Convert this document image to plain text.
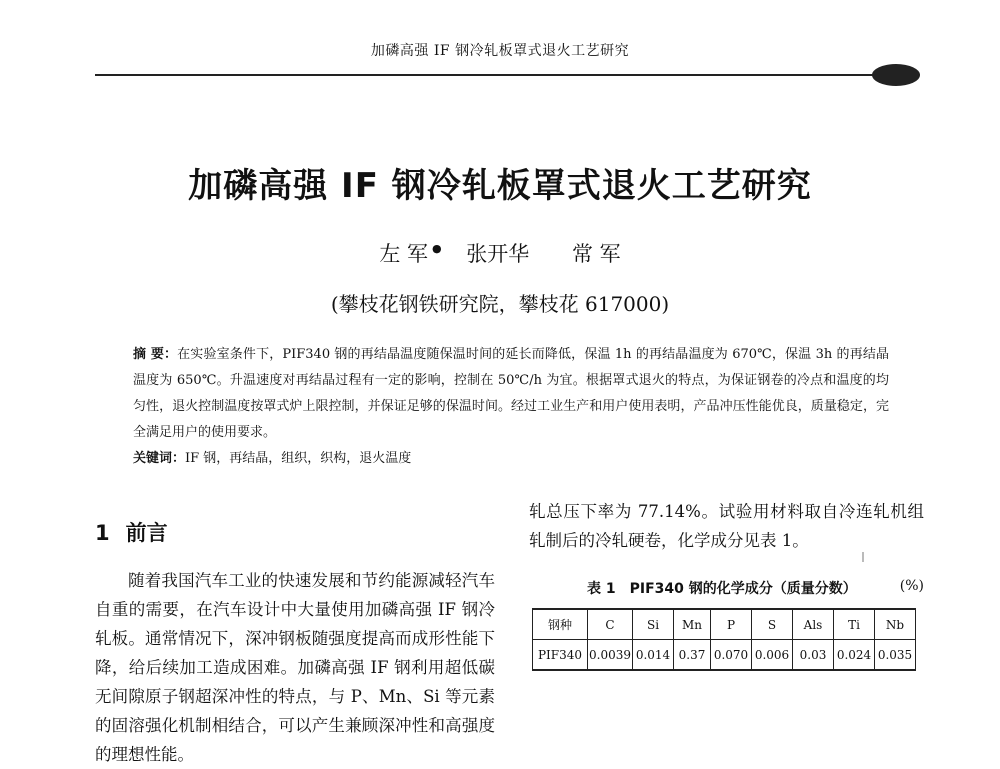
加磷高强 IF 钢冷轧板罩式退火工艺研究
加磷高强 IF 钢冷轧板罩式退火工艺研究
左 军 ● 张开华 常 军
(攀枝花钢铁研究院，攀枝花 617000)
摘 要：在实验室条件下，PIF340 钢的再结晶温度随保温时间的延长而降低，保温 1h 的再结晶温度为 670℃，保温 3h 的再结晶温度为 650℃。升温速度对再结晶过程有一定的影响，控制在 50℃/h 为宜。根据罩式退火的特点，为保证钢卷的冷点和温度的均匀性，退火控制温度按罩式炉上限控制，并保证足够的保温时间。经过工业生产和用户使用表明，产品冲压性能优良，质量稳定，完全满足用户的使用要求。
关键词：IF 钢，再结晶，组织，织构，退火温度
1 前言
随着我国汽车工业的快速发展和节约能源减轻汽车自重的需要，在汽车设计中大量使用加磷高强 IF 钢冷轧板。通常情况下，深冲钢板随强度提高而成形性能下降，给后续加工造成困难。加磷高强 IF 钢利用超低碳无间隙原子钢超深冲性的特点，与 P、Mn、Si 等元素的固溶强化机制相结合，可以产生兼顾深冲性和高强度的理想性能。
轧总压下率为 77.14%。试验用材料取自冷连轧机组轧制后的冷轧硬卷，化学成分见表 1。
表 1 PIF340 钢的化学成分（质量分数）	(%)
钢种	C	Si	Mn	P	S	Als	Ti	Nb
PIF340	0.0039	0.014	0.37	0.070	0.006	0.03	0.024	0.035
